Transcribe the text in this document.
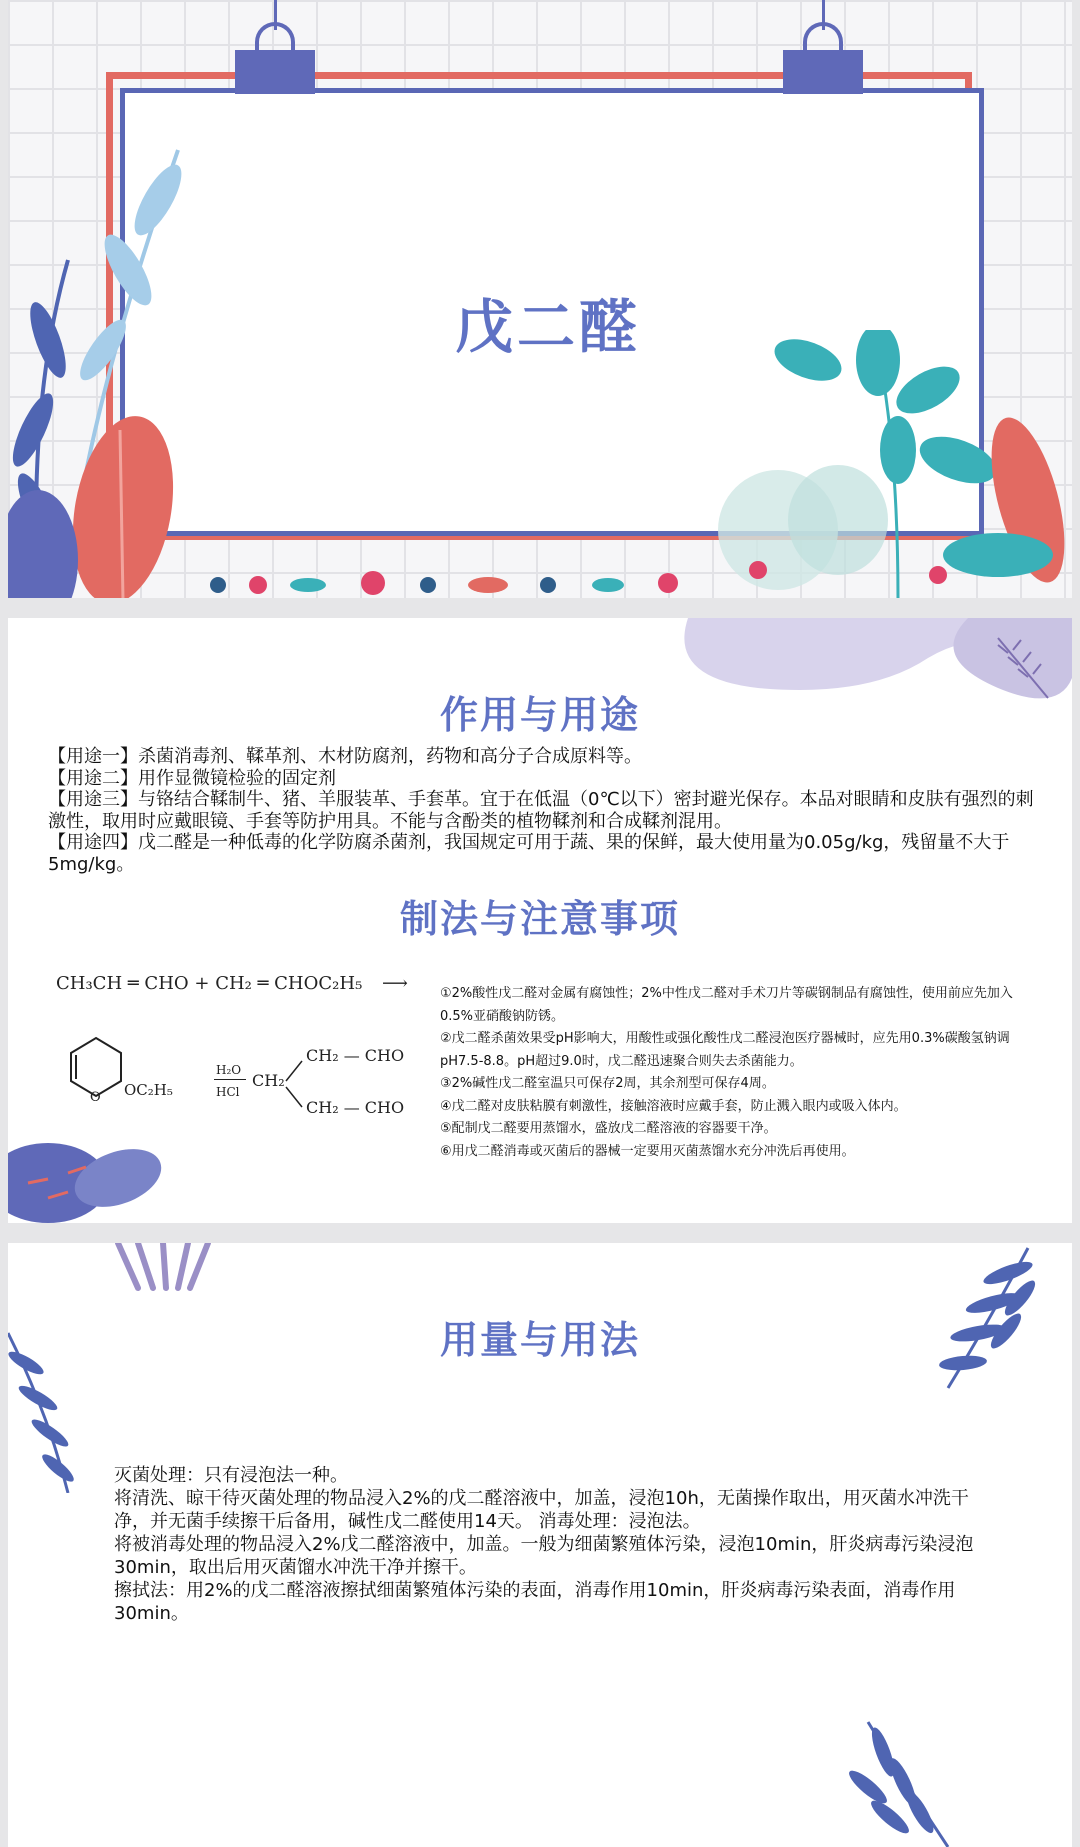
戊二醛
作用与用途

【用途一】杀菌消毒剂、鞣革剂、木材防腐剂，药物和高分子合成原料等。

【用途二】用作显微镜检验的固定剂

【用途三】与铬结合鞣制牛、猪、羊服装革、手套革。宜于在低温（0℃以下）密封避光保存。本品对眼睛和皮肤有强烈的刺激性，取用时应戴眼镜、手套等防护用具。不能与含酚类的植物鞣剂和合成鞣剂混用。

【用途四】戊二醛是一种低毒的化学防腐杀菌剂，我国规定可用于蔬、果的保鲜，最大使用量为0.05g/kg，残留量不大于5mg/kg。

制法与注意事项
CH₃CH ═ CHO + CH₂ ═ CHOC₂H₅ ⟶
O OC₂H₅
H₂O
HCl
CH₂
CH₂ — CHO
CH₂ — CHO

①2%酸性戊二醛对金属有腐蚀性；2%中性戊二醛对手术刀片等碳钢制品有腐蚀性，使用前应先加入0.5%亚硝酸钠防锈。

②戊二醛杀菌效果受pH影响大，用酸性或强化酸性戊二醛浸泡医疗器械时，应先用0.3%碳酸氢钠调pH7.5-8.8。pH超过9.0时，戊二醛迅速聚合则失去杀菌能力。

③2%碱性戊二醛室温只可保存2周，其余剂型可保存4周。

④戊二醛对皮肤粘膜有刺激性，接触溶液时应戴手套，防止溅入眼内或吸入体内。

⑤配制戊二醛要用蒸馏水，盛放戊二醛溶液的容器要干净。

⑥用戊二醛消毒或灭菌后的器械一定要用灭菌蒸馏水充分冲洗后再使用。

用量与用法

灭菌处理：只有浸泡法一种。

将清洗、晾干待灭菌处理的物品浸入2%的戊二醛溶液中，加盖，浸泡10h，无菌操作取出，用灭菌水冲洗干净，并无菌手续擦干后备用，碱性戊二醛使用14天。 消毒处理：浸泡法。

将被消毒处理的物品浸入2%戊二醛溶液中，加盖。一般为细菌繁殖体污染，浸泡10min，肝炎病毒污染浸泡30min，取出后用灭菌馏水冲洗干净并擦干。

擦拭法：用2%的戊二醛溶液擦拭细菌繁殖体污染的表面，消毒作用10min，肝炎病毒污染表面，消毒作用30min。
